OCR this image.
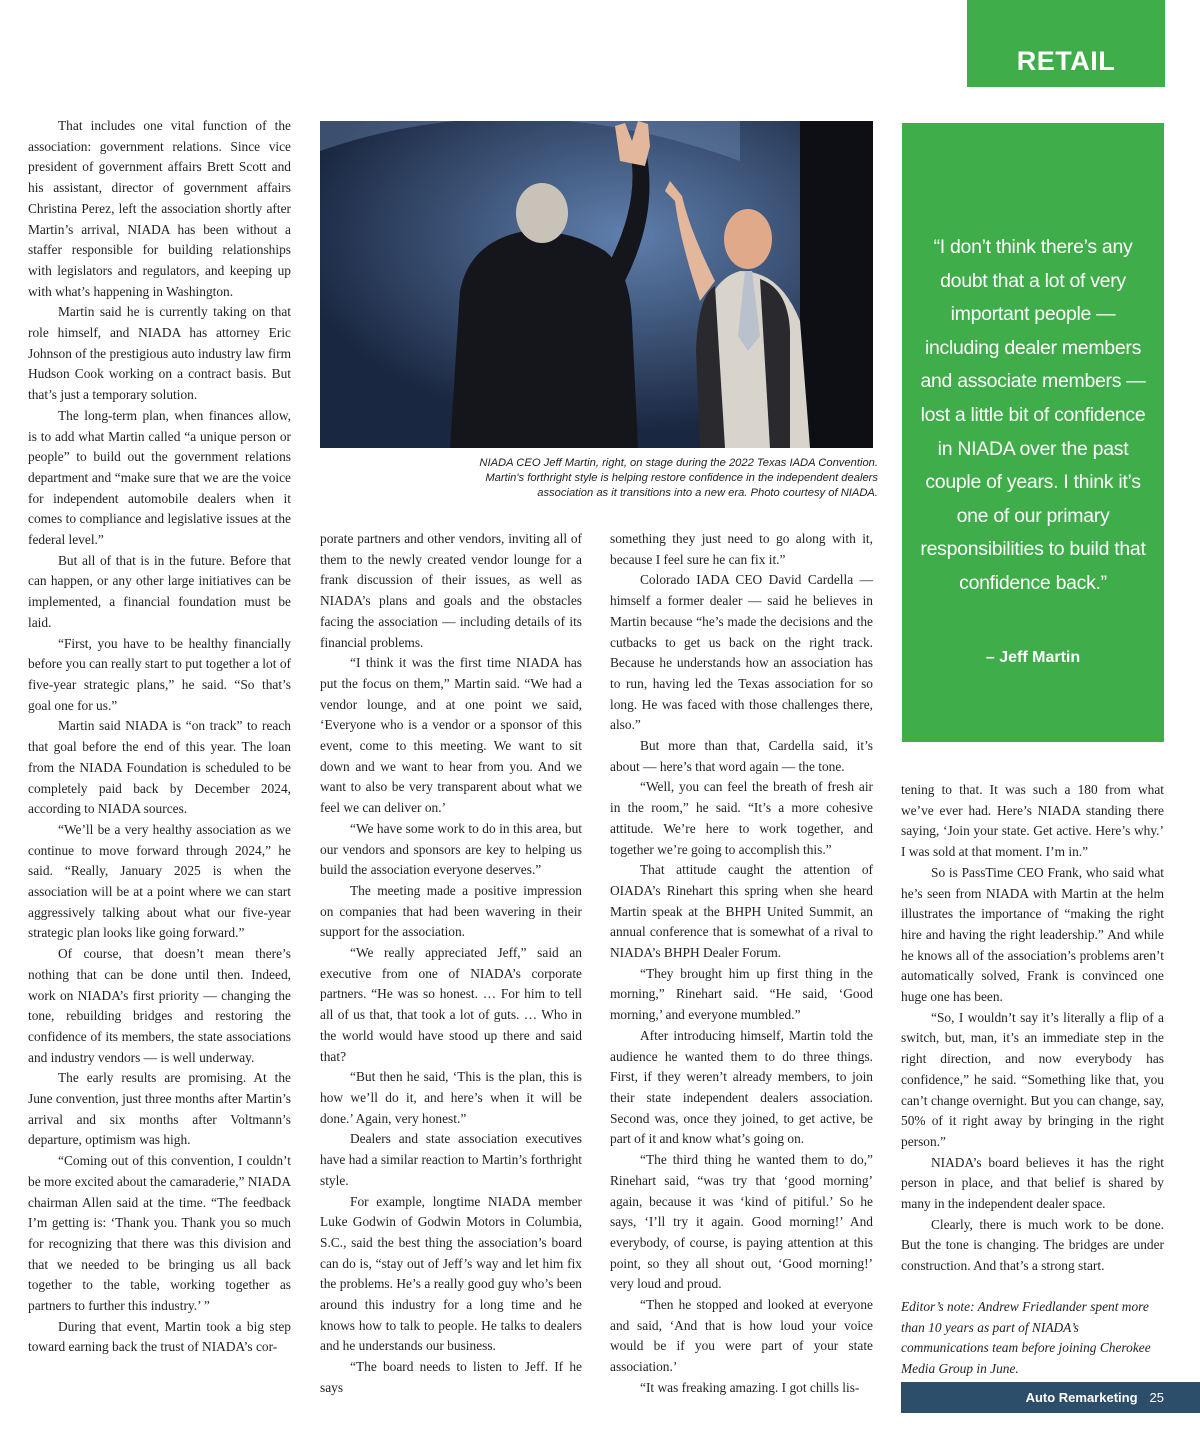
RETAIL

That includes one vital function of the association: government relations. Since vice president of government affairs Brett Scott and his assistant, director of government affairs Christina Perez, left the association shortly after Martin’s arrival, NIADA has been without a staffer responsible for building relationships with legislators and regulators, and keeping up with what’s happening in Washington.

Martin said he is currently taking on that role himself, and NIADA has attorney Eric Johnson of the prestigious auto industry law firm Hudson Cook working on a contract basis. But that’s just a temporary solution.

The long-term plan, when finances allow, is to add what Martin called “a unique person or people” to build out the government relations department and “make sure that we are the voice for independent automobile dealers when it comes to compliance and legislative issues at the federal level.”

But all of that is in the future. Before that can happen, or any other large initiatives can be implemented, a financial foundation must be laid.

“First, you have to be healthy financially before you can really start to put together a lot of five-year strategic plans,” he said. “So that’s goal one for us.”

Martin said NIADA is “on track” to reach that goal before the end of this year. The loan from the NIADA Foundation is scheduled to be completely paid back by December 2024, according to NIADA sources.

“We’ll be a very healthy association as we continue to move forward through 2024,” he said. “Really, January 2025 is when the association will be at a point where we can start aggressively talking about what our five-year strategic plan looks like going forward.”

Of course, that doesn’t mean there’s nothing that can be done until then. Indeed, work on NIADA’s first priority — changing the tone, rebuilding bridges and restoring the confidence of its members, the state associations and industry vendors — is well underway.

The early results are promising. At the June convention, just three months after Martin’s arrival and six months after Voltmann’s departure, optimism was high.

“Coming out of this convention, I couldn’t be more excited about the camaraderie,” NIADA chairman Allen said at the time. “The feedback I’m getting is: ‘Thank you. Thank you so much for recognizing that there was this division and that we needed to be bringing us all back together to the table, working together as partners to further this industry.’ ”

During that event, Martin took a big step toward earning back the trust of NIADA’s cor-

NIADA CEO Jeff Martin, right, on stage during the 2022 Texas IADA Convention.
Martin's forthright style is helping restore confidence in the independent dealers
association as it transitions into a new era. Photo courtesy of NIADA.

porate partners and other vendors, inviting all of them to the newly created vendor lounge for a frank discussion of their issues, as well as NIADA’s plans and goals and the obstacles facing the association — including details of its financial problems.

“I think it was the first time NIADA has put the focus on them,” Martin said. “We had a vendor lounge, and at one point we said, ‘Everyone who is a vendor or a sponsor of this event, come to this meeting. We want to sit down and we want to hear from you. And we want to also be very transparent about what we feel we can deliver on.’

“We have some work to do in this area, but our vendors and sponsors are key to helping us build the association everyone deserves.”

The meeting made a positive impression on companies that had been wavering in their support for the association.

“We really appreciated Jeff,” said an executive from one of NIADA’s corporate partners. “He was so honest. … For him to tell all of us that, that took a lot of guts. … Who in the world would have stood up there and said that?

“But then he said, ‘This is the plan, this is how we’ll do it, and here’s when it will be done.’ Again, very honest.”

Dealers and state association executives have had a similar reaction to Martin’s forthright style.

For example, longtime NIADA member Luke Godwin of Godwin Motors in Columbia, S.C., said the best thing the association’s board can do is, “stay out of Jeff’s way and let him fix the problems. He’s a really good guy who’s been around this industry for a long time and he knows how to talk to people. He talks to dealers and he understands our business.

“The board needs to listen to Jeff. If he says

something they just need to go along with it, because I feel sure he can fix it.”

Colorado IADA CEO David Cardella — himself a former dealer — said he believes in Martin because “he’s made the decisions and the cutbacks to get us back on the right track. Because he understands how an association has to run, having led the Texas association for so long. He was faced with those challenges there, also.”

But more than that, Cardella said, it’s about — here’s that word again — the tone.

“Well, you can feel the breath of fresh air in the room,” he said. “It’s a more cohesive attitude. We’re here to work together, and together we’re going to accomplish this.”

That attitude caught the attention of OIADA’s Rinehart this spring when she heard Martin speak at the BHPH United Summit, an annual conference that is somewhat of a rival to NIADA’s BHPH Dealer Forum.

“They brought him up first thing in the morning,” Rinehart said. “He said, ‘Good morning,’ and everyone mumbled.”

After introducing himself, Martin told the audience he wanted them to do three things. First, if they weren’t already members, to join their state independent dealers association. Second was, once they joined, to get active, be part of it and know what’s going on.

“The third thing he wanted them to do,” Rinehart said, “was try that ‘good morning’ again, because it was ‘kind of pitiful.’ So he says, ‘I’ll try it again. Good morning!’ And everybody, of course, is paying attention at this point, so they all shout out, ‘Good morning!’ very loud and proud.

“Then he stopped and looked at everyone and said, ‘And that is how loud your voice would be if you were part of your state association.’

“It was freaking amazing. I got chills lis-

“I don’t think there’s any doubt that a lot of very important people — including dealer members and associate members — lost a little bit of confidence in NIADA over the past couple of years. I think it’s one of our primary responsibilities to build that confidence back.”
– Jeff Martin

tening to that. It was such a 180 from what we’ve ever had. Here’s NIADA standing there saying, ‘Join your state. Get active. Here’s why.’ I was sold at that moment. I’m in.”

So is PassTime CEO Frank, who said what he’s seen from NIADA with Martin at the helm illustrates the importance of “making the right hire and having the right leadership.” And while he knows all of the association’s problems aren’t automatically solved, Frank is convinced one huge one has been.

“So, I wouldn’t say it’s literally a flip of a switch, but, man, it’s an immediate step in the right direction, and now everybody has confidence,” he said. “Something like that, you can’t change overnight. But you can change, say, 50% of it right away by bringing in the right person.”

NIADA’s board believes it has the right person in place, and that belief is shared by many in the independent dealer space.

Clearly, there is much work to be done. But the tone is changing. The bridges are under construction. And that’s a strong start.

Editor’s note: Andrew Friedlander spent more than 10 years as part of NIADA’s communications team before joining Cherokee Media Group in June.

Auto Remarketing 25
